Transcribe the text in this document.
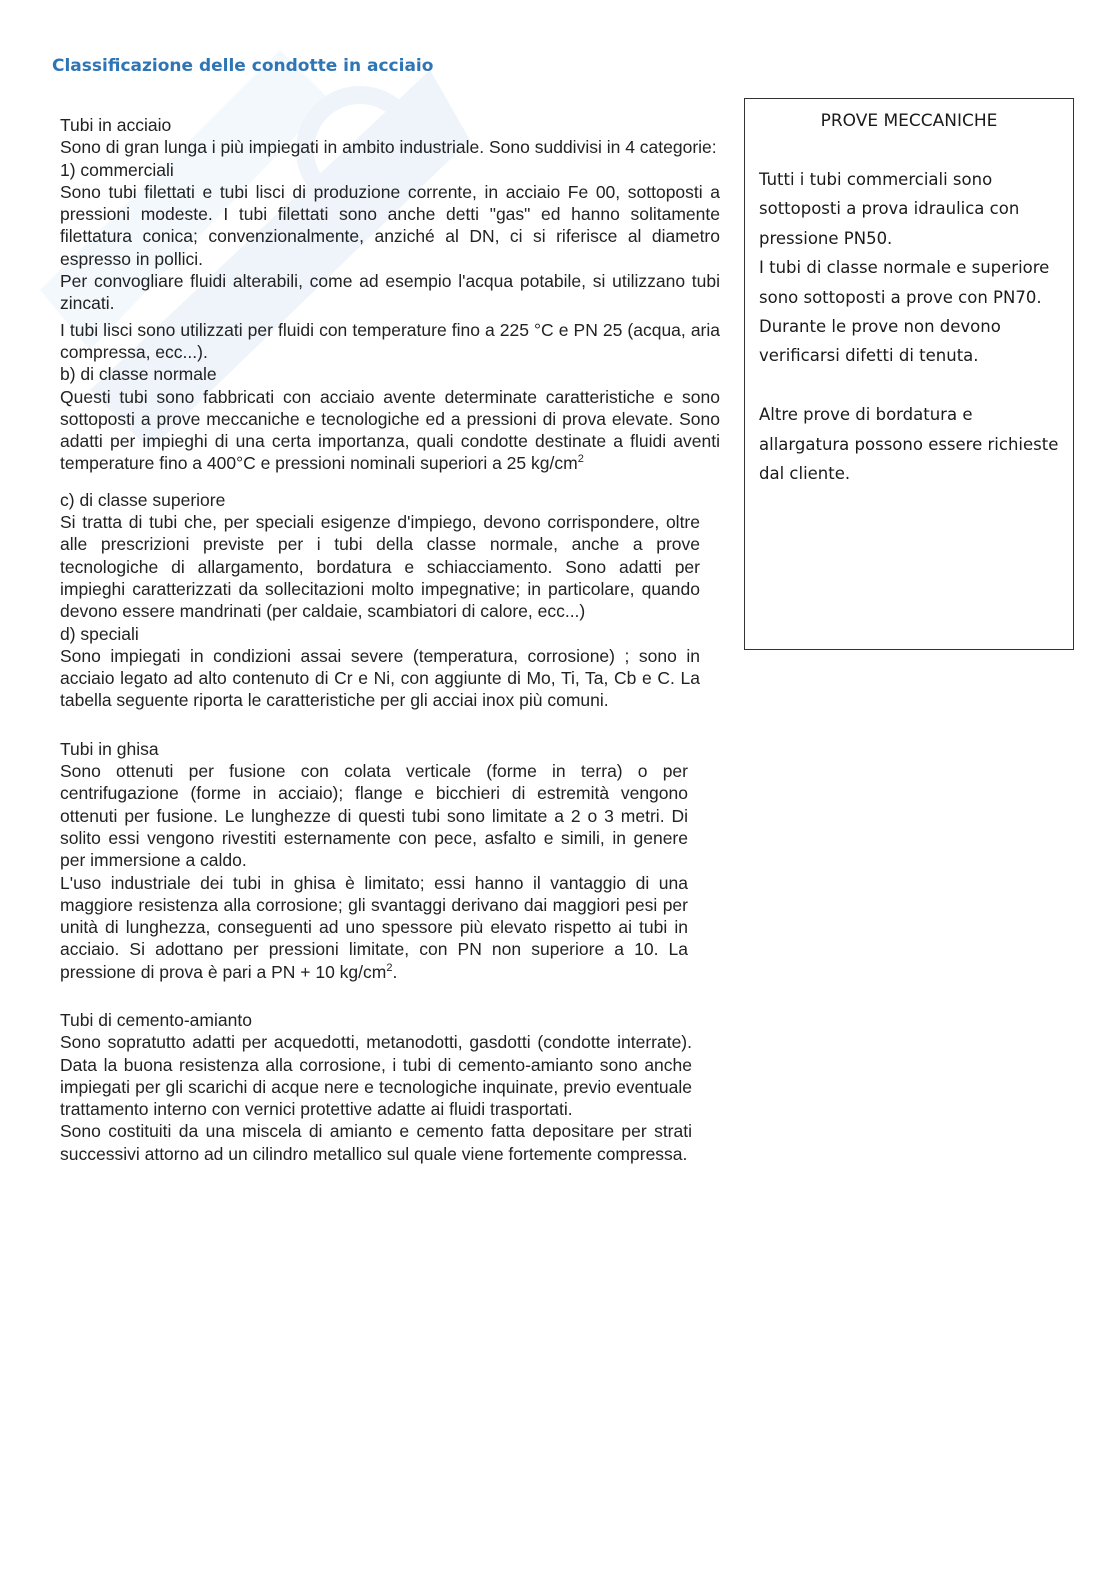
Classificazione delle condotte in acciaio

Tubi in acciaio

Sono di gran lunga i più impiegati in ambito industriale. Sono suddivisi in 4 categorie:

1) commerciali

Sono tubi filettati e tubi lisci di produzione corrente, in acciaio Fe 00, sottoposti a pressioni modeste. I tubi filettati sono anche detti "gas" ed hanno solitamente filettatura conica; convenzionalmente, anziché al DN, ci si riferisce al diametro espresso in pollici.

Per convogliare fluidi alterabili, come ad esempio l'acqua potabile, si utilizzano tubi zincati.

I tubi lisci sono utilizzati per fluidi con temperature fino a 225 °C e PN 25 (acqua, aria compressa, ecc...).

b) di classe normale

Questi tubi sono fabbricati con acciaio avente determinate caratteristiche e sono sottoposti a prove meccaniche e tecnologiche ed a pressioni di prova elevate. Sono adatti per impieghi di una certa importanza, quali condotte destinate a fluidi aventi temperature fino a 400°C e pressioni nominali superiori a 25 $kg/cm^2$

c) di classe superiore

Si tratta di tubi che, per speciali esigenze d'impiego, devono corrispondere, oltre alle prescrizioni previste per i tubi della classe normale, anche a prove tecnologiche di allargamento, bordatura e schiacciamento. Sono adatti per impieghi caratterizzati da sollecitazioni molto impegnative; in particolare, quando devono essere mandrinati (per caldaie, scambiatori di calore, ecc...)

d) speciali

Sono impiegati in condizioni assai severe (temperatura, corrosione) ; sono in acciaio legato ad alto contenuto di Cr e Ni, con aggiunte di Mo, Ti, Ta, Cb e C. La tabella seguente riporta le caratteristiche per gli acciai inox più comuni.

Tubi in ghisa

Sono ottenuti per fusione con colata verticale (forme in terra) o per centrifugazione (forme in acciaio); flange e bicchieri di estremità vengono ottenuti per fusione. Le lunghezze di questi tubi sono limitate a 2 o 3 metri. Di solito essi vengono rivestiti esternamente con pece, asfalto e simili, in genere per immersione a caldo.

L'uso industriale dei tubi in ghisa è limitato; essi hanno il vantaggio di una maggiore resistenza alla corrosione; gli svantaggi derivano dai maggiori pesi per unità di lunghezza, conseguenti ad uno spessore più elevato rispetto ai tubi in acciaio. Si adottano per pressioni limitate, con PN non superiore a 10. La pressione di prova è pari a PN + 10 $kg/cm^2$.

Tubi di cemento-amianto

Sono sopratutto adatti per acquedotti, metanodotti, gasdotti (condotte interrate). Data la buona resistenza alla corrosione, i tubi di cemento-amianto sono anche impiegati per gli scarichi di acque nere e tecnologiche inquinate, previo eventuale trattamento interno con vernici protettive adatte ai fluidi trasportati.

Sono costituiti da una miscela di amianto e cemento fatta depositare per strati successivi attorno ad un cilindro metallico sul quale viene fortemente compressa.

PROVE MECCANICHE

Tutti i tubi commerciali sono sottoposti a prova idraulica con pressione PN50.

I tubi di classe normale e superiore sono sottoposti a prove con PN70.

Durante le prove non devono verificarsi difetti di tenuta.

Altre prove di bordatura e allargatura possono essere richieste dal cliente.
